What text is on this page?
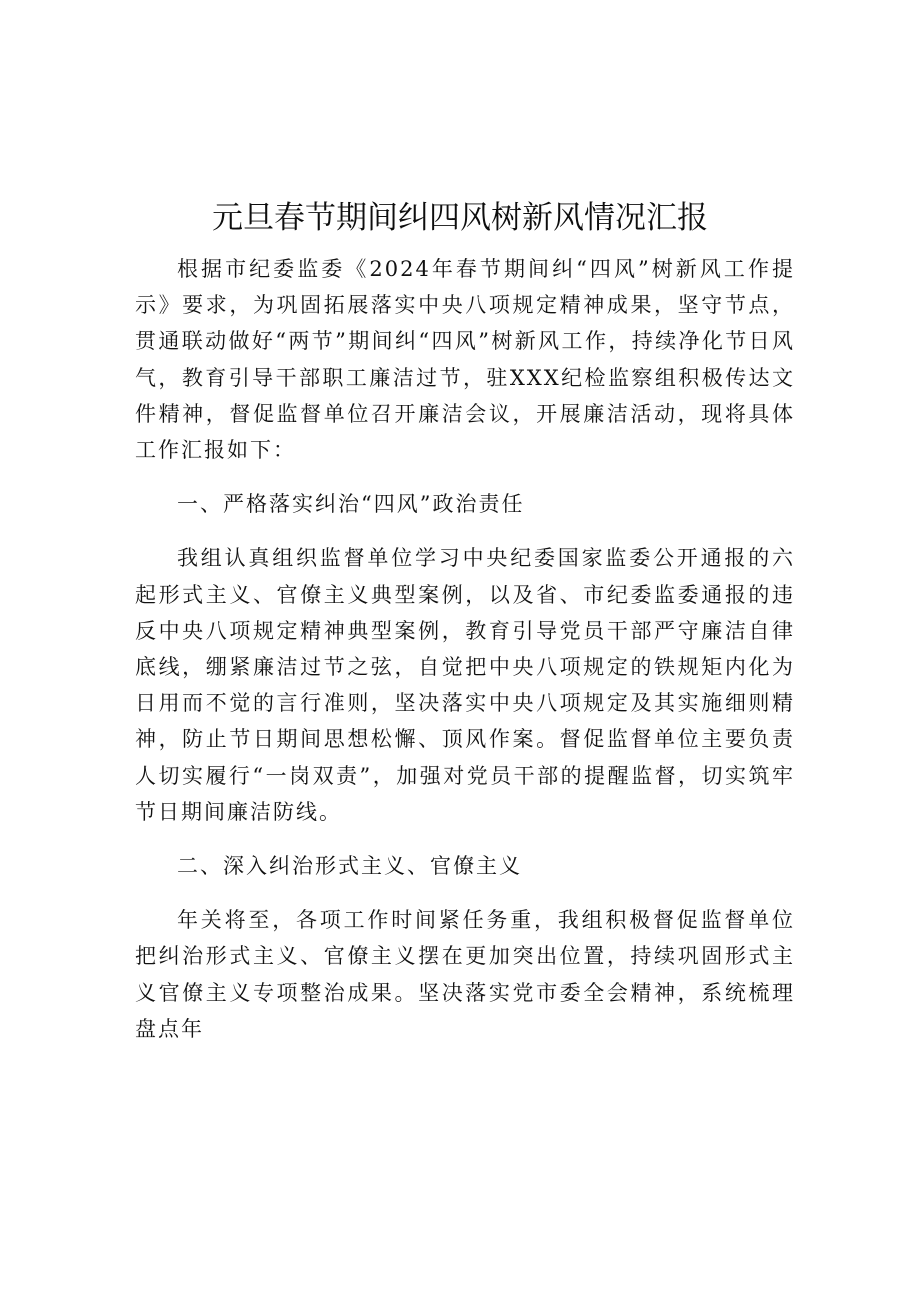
元旦春节期间纠四风树新风情况汇报

根据市纪委监委《2024年春节期间纠“四风”树新风工作提示》要求，为巩固拓展落实中央八项规定精神成果，坚守节点，贯通联动做好“两节”期间纠“四风”树新风工作，持续净化节日风气，教育引导干部职工廉洁过节，驻XXX纪检监察组积极传达文件精神，督促监督单位召开廉洁会议，开展廉洁活动，现将具体工作汇报如下：

一、严格落实纠治“四风”政治责任

我组认真组织监督单位学习中央纪委国家监委公开通报的六起形式主义、官僚主义典型案例，以及省、市纪委监委通报的违反中央八项规定精神典型案例，教育引导党员干部严守廉洁自律底线，绷紧廉洁过节之弦，自觉把中央八项规定的铁规矩内化为日用而不觉的言行准则，坚决落实中央八项规定及其实施细则精神，防止节日期间思想松懈、顶风作案。督促监督单位主要负责人切实履行“一岗双责”，加强对党员干部的提醒监督，切实筑牢节日期间廉洁防线。

二、深入纠治形式主义、官僚主义

年关将至，各项工作时间紧任务重，我组积极督促监督单位把纠治形式主义、官僚主义摆在更加突出位置，持续巩固形式主义官僚主义专项整治成果。坚决落实党市委全会精神，系统梳理盘点年
